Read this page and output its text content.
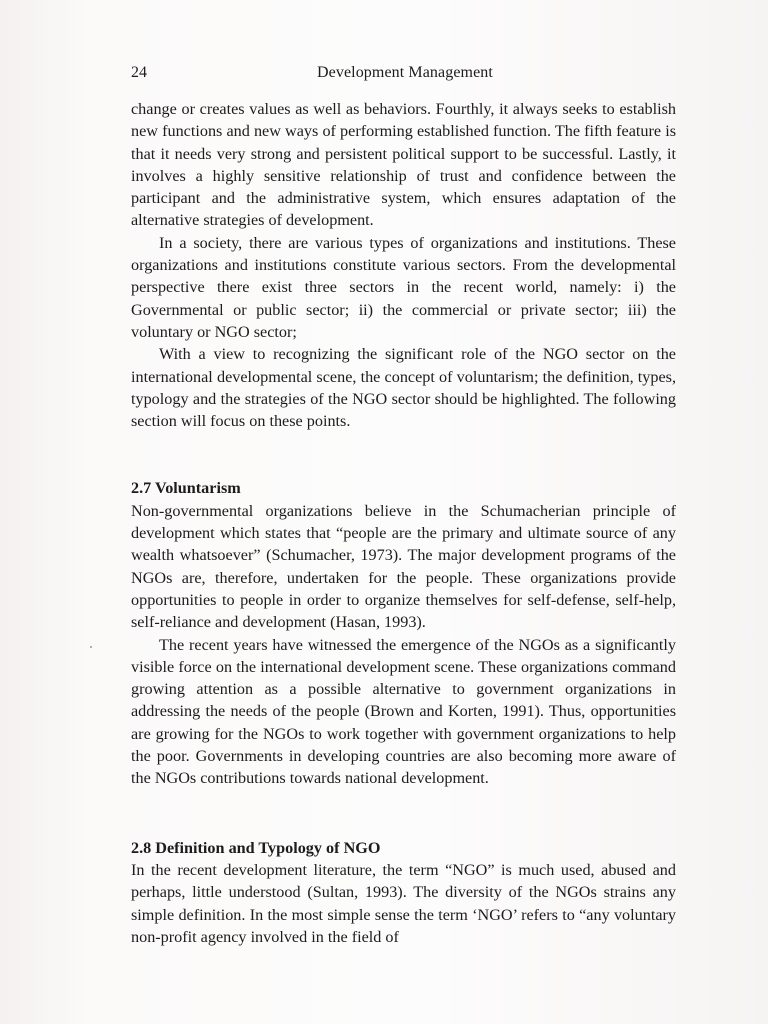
24	Development Management

change or creates values as well as behaviors. Fourthly, it always seeks to establish new functions and new ways of performing established function. The fifth feature is that it needs very strong and persistent political support to be successful. Lastly, it involves a highly sensitive relationship of trust and confidence between the participant and the administrative system, which ensures adaptation of the alternative strategies of development.

In a society, there are various types of organizations and institutions. These organizations and institutions constitute various sectors. From the developmental perspective there exist three sectors in the recent world, namely: i) the Governmental or public sector; ii) the commercial or private sector; iii) the voluntary or NGO sector;

With a view to recognizing the significant role of the NGO sector on the international developmental scene, the concept of voluntarism; the definition, types, typology and the strategies of the NGO sector should be highlighted. The following section will focus on these points.

2.7 Voluntarism

Non-governmental organizations believe in the Schumacherian principle of development which states that “people are the primary and ultimate source of any wealth whatsoever” (Schumacher, 1973). The major development programs of the NGOs are, therefore, undertaken for the people. These organizations provide opportunities to people in order to organize themselves for self-defense, self-help, self-reliance and development (Hasan, 1993).

The recent years have witnessed the emergence of the NGOs as a significantly visible force on the international development scene. These organizations command growing attention as a possible alternative to government organizations in addressing the needs of the people (Brown and Korten, 1991). Thus, opportunities are growing for the NGOs to work together with government organizations to help the poor. Governments in developing countries are also becoming more aware of the NGOs contributions towards national development.

2.8 Definition and Typology of NGO

In the recent development literature, the term “NGO” is much used, abused and perhaps, little understood (Sultan, 1993). The diversity of the NGOs strains any simple definition. In the most simple sense the term ‘NGO’ refers to “any voluntary non-profit agency involved in the field of
